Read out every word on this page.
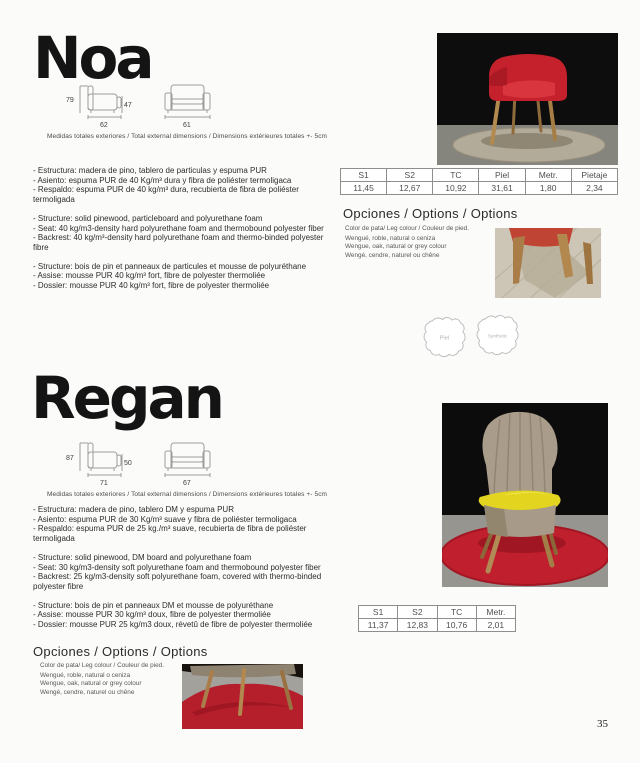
Noa
79
47
62	61
Medidas totales exteriores / Total external dimensions / Dimensions extérieures totales +- 5cm
- Estructura: madera de pino, tablero de particulas y espuma PUR
- Asiento: espuma PUR de 40 Kg/m³ dura y fibra de poliéster termoligaca
- Respaldo: espuma PUR de 40 kg/m³ dura, recubierta de fibra de poliéster termoligada
- Structure: solid pinewood, particleboard and polyurethane foam
- Seat: 40 kg/m3-density hard polyurethane foam and thermobound polyester fiber
- Backrest: 40 kg/m³-density hard polyurethane foam and thermo-binded polyester fibre
- Structure: bois de pin et panneaux de particules et mousse de polyuréthane
- Assise: mousse PUR 40 kg/m³ fort, fibre de polyester thermoliée
- Dossier: mousse PUR 40 kg/m³ fort, fibre de polyester thermoliée
S1	S2	TC	Piel	Metr.	Pietaje
11,45	12,67	10,92	31,61	1,80	2,34
Opciones / Options / Options
Color de pata/ Leg colour / Couleur de pied.
Wengué, roble, natural o ceniza
Wengue, oak, natural or grey colour
Wengé, cendre, naturel ou chêne
Piel	Synthetic
Regan
87
50
71	67
Medidas totales exteriores / Total external dimensions / Dimensions extérieures totales +- 5cm
- Estructura: madera de pino, tablero DM y espuma PUR
- Asiento: espuma PUR de 30 Kg/m³ suave y fibra de poliéster termoligaca
- Respaldo: espuma PUR de 25 kg./m³ suave, recubierta de fibra de poliéster termoligada
- Structure: solid pinewood, DM board and polyurethane foam
- Seat: 30 kg/m3-density soft polyurethane foam and thermobound polyester fiber
- Backrest: 25 kg/m3-density soft polyurethane foam, covered with thermo-binded polyester fibre
- Structure: bois de pin et panneaux DM et mousse de polyuréthane
- Assise: mousse PUR 30 kg/m³ doux, fibre de polyester thermoliée
- Dossier: mousse PUR 25 kg/m3 doux, révetû de fibre de polyester thermoliée
S1	S2	TC	Metr.
11,37	12,83	10,76	2,01
Opciones / Options / Options
Color de pata/ Leg colour / Couleur de pied.
Wengué, roble, natural o ceniza
Wengue, oak, natural or grey colour
Wengé, cendre, naturel ou chêne
35
